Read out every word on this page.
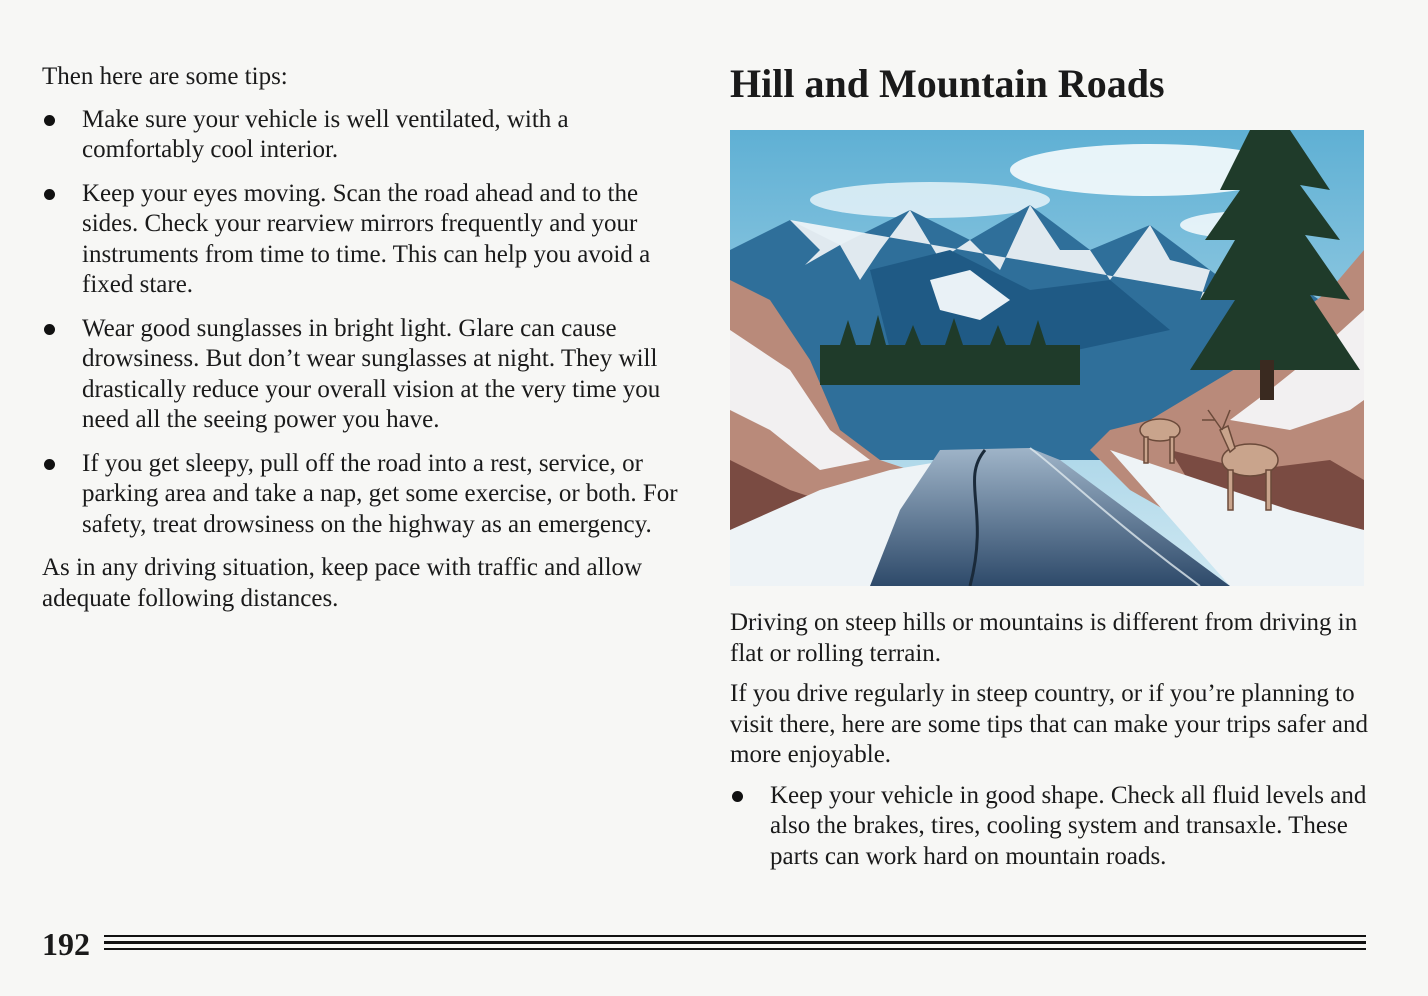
Then here are some tips:

Make sure your vehicle is well ventilated, with a comfortably cool interior.
Keep your eyes moving. Scan the road ahead and to the sides. Check your rearview mirrors frequently and your instruments from time to time. This can help you avoid a fixed stare.
Wear good sunglasses in bright light. Glare can cause drowsiness. But don’t wear sunglasses at night. They will drastically reduce your overall vision at the very time you need all the seeing power you have.
If you get sleepy, pull off the road into a rest, service, or parking area and take a nap, get some exercise, or both. For safety, treat drowsiness on the highway as an emergency.

As in any driving situation, keep pace with traffic and allow adequate following distances.

Hill and Mountain Roads

Driving on steep hills or mountains is different from driving in flat or rolling terrain.

If you drive regularly in steep country, or if you’re planning to visit there, here are some tips that can make your trips safer and more enjoyable.

Keep your vehicle in good shape. Check all fluid levels and also the brakes, tires, cooling system and transaxle. These parts can work hard on mountain roads.
192
